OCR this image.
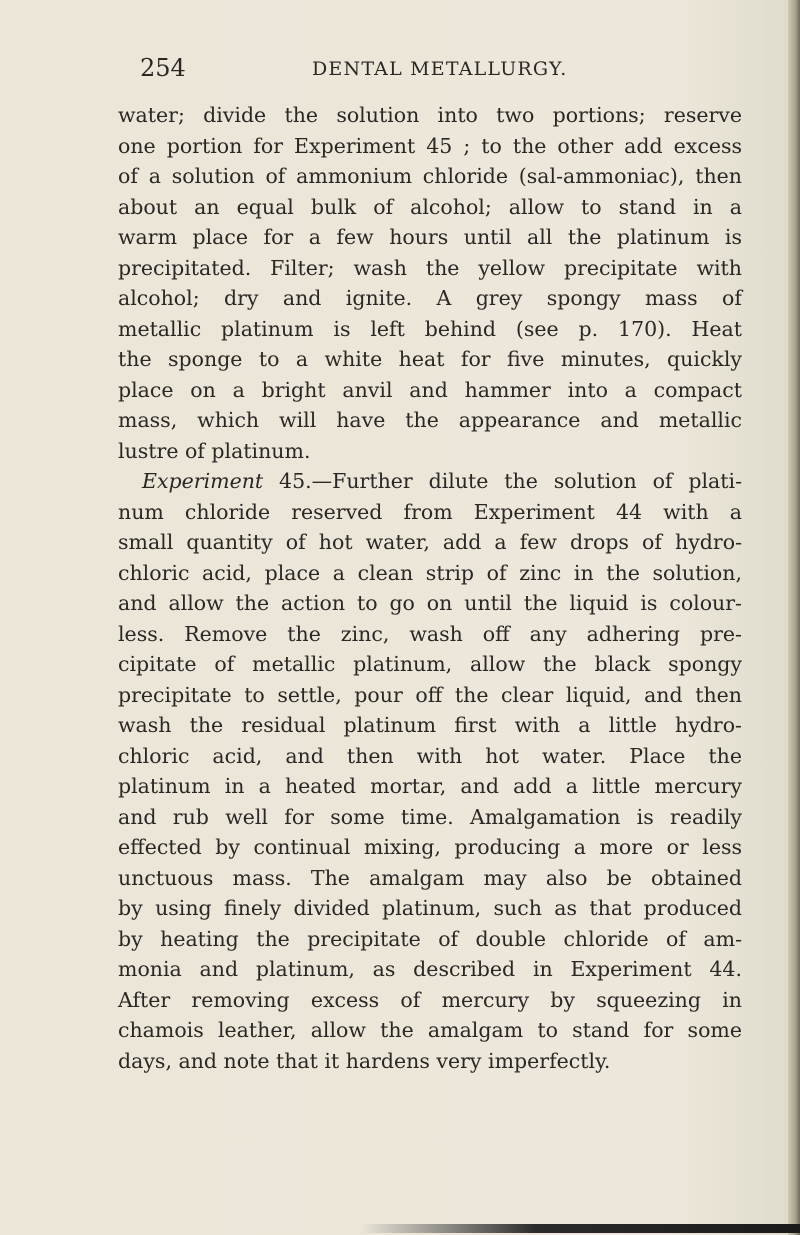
254	DENTAL METALLURGY.
water; divide the solution into two portions; reserve
one portion for Experiment 45 ; to the other add excess
of a solution of ammonium chloride (sal-ammoniac), then
about an equal bulk of alcohol; allow to stand in a
warm place for a few hours until all the platinum is
precipitated. Filter; wash the yellow precipitate with
alcohol; dry and ignite. A grey spongy mass of
metallic platinum is left behind (see p. 170). Heat
the sponge to a white heat for five minutes, quickly
place on a bright anvil and hammer into a compact
mass, which will have the appearance and metallic
lustre of platinum.
Experiment 45.—Further dilute the solution of plati-
num chloride reserved from Experiment 44 with a
small quantity of hot water, add a few drops of hydro-
chloric acid, place a clean strip of zinc in the solution,
and allow the action to go on until the liquid is colour-
less. Remove the zinc, wash off any adhering pre-
cipitate of metallic platinum, allow the black spongy
precipitate to settle, pour off the clear liquid, and then
wash the residual platinum first with a little hydro-
chloric acid, and then with hot water. Place the
platinum in a heated mortar, and add a little mercury
and rub well for some time. Amalgamation is readily
effected by continual mixing, producing a more or less
unctuous mass. The amalgam may also be obtained
by using finely divided platinum, such as that produced
by heating the precipitate of double chloride of am-
monia and platinum, as described in Experiment 44.
After removing excess of mercury by squeezing in
chamois leather, allow the amalgam to stand for some
days, and note that it hardens very imperfectly.
